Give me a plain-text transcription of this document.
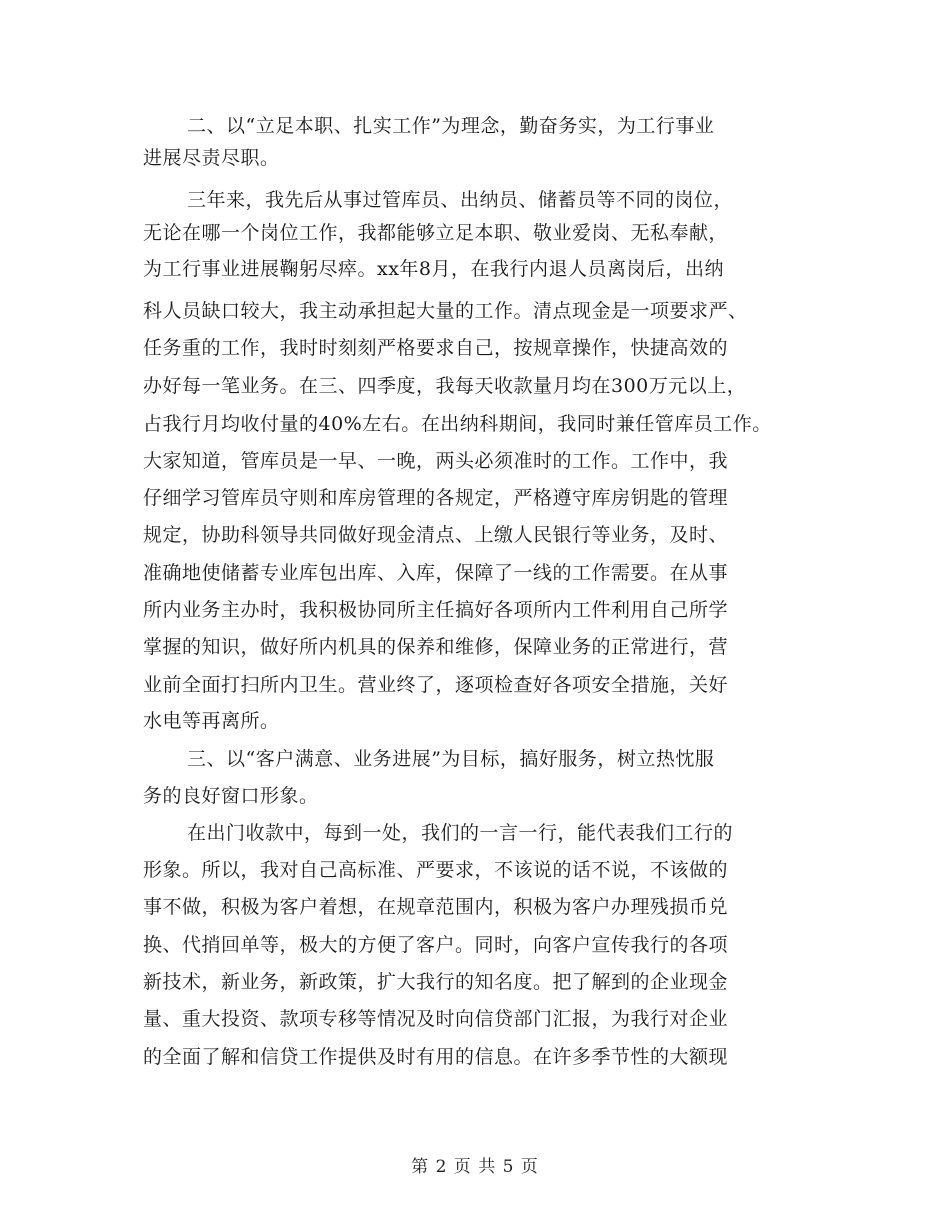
二、以“立足本职、扎实工作”为理念，勤奋务实，为工行事业
进展尽责尽职。
三年来，我先后从事过管库员、出纳员、储蓄员等不同的岗位，
无论在哪一个岗位工作，我都能够立足本职、敬业爱岗、无私奉献，
为工行事业进展鞠躬尽瘁。xx年8月，在我行内退人员离岗后，出纳
科人员缺口较大，我主动承担起大量的工作。清点现金是一项要求严、
任务重的工作，我时时刻刻严格要求自己，按规章操作，快捷高效的
办好每一笔业务。在三、四季度，我每天收款量月均在300万元以上，
占我行月均收付量的40%左右。在出纳科期间，我同时兼任管库员工作。
大家知道，管库员是一早、一晚，两头必须准时的工作。工作中，我
仔细学习管库员守则和库房管理的各规定，严格遵守库房钥匙的管理
规定，协助科领导共同做好现金清点、上缴人民银行等业务，及时、
准确地使储蓄专业库包出库、入库，保障了一线的工作需要。在从事
所内业务主办时，我积极协同所主任搞好各项所内工件利用自己所学
掌握的知识，做好所内机具的保养和维修，保障业务的正常进行，营
业前全面打扫所内卫生。营业终了，逐项检查好各项安全措施，关好
水电等再离所。
三、以“客户满意、业务进展”为目标，搞好服务，树立热忱服
务的良好窗口形象。
在出门收款中，每到一处，我们的一言一行，能代表我们工行的
形象。所以，我对自己高标准、严要求，不该说的话不说，不该做的
事不做，积极为客户着想，在规章范围内，积极为客户办理残损币兑
换、代捎回单等，极大的方便了客户。同时，向客户宣传我行的各项
新技术，新业务，新政策，扩大我行的知名度。把了解到的企业现金
量、重大投资、款项专移等情况及时向信贷部门汇报，为我行对企业
的全面了解和信贷工作提供及时有用的信息。在许多季节性的大额现
第 2 页 共 5 页
